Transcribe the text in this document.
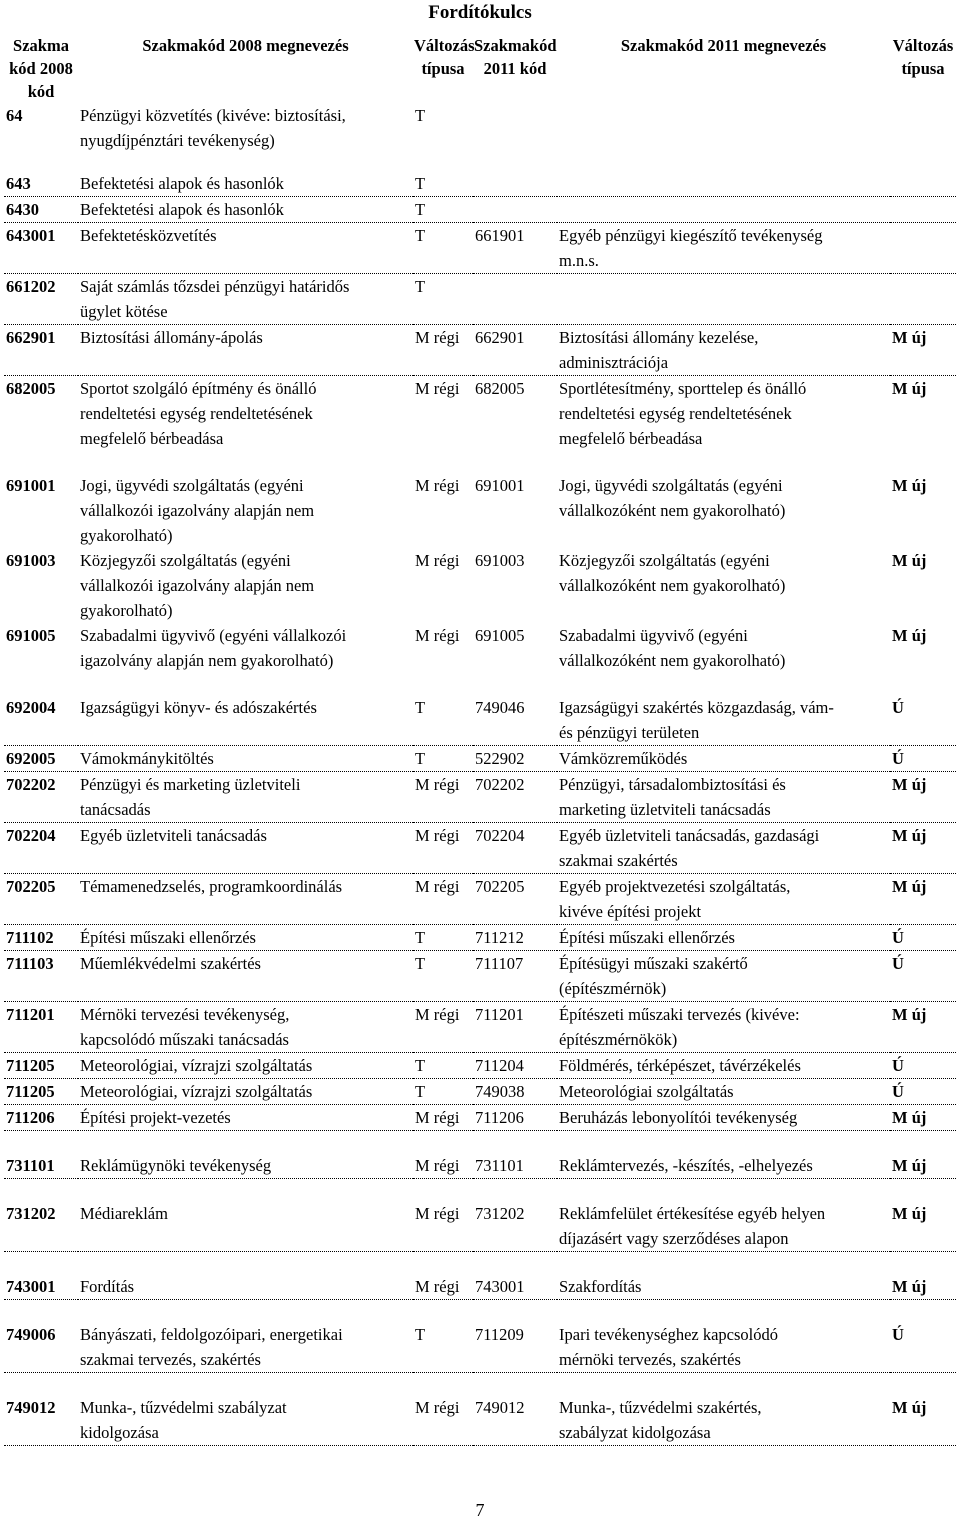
Fordítókulcs
Szakma kód 2008 kód	Szakmakód 2008 megnevezés	Változás típusa	Szakmakód 2011 kód	Szakmakód 2011 megnevezés	Változás típusa
64	Pénzügyi közvetítés (kivéve: biztosítási,
nyugdíjpénztári tevékenység)	T			

643	Befektetési alapok és hasonlók	T			

6430	Befektetési alapok és hasonlók	T			

643001	Befektetésközvetítés	T	661901	Egyéb pénzügyi kiegészítő tevékenység
m.n.s.	

661202	Saját számlás tőzsdei pénzügyi határidős
ügylet kötése	T			

662901	Biztosítási állomány-ápolás	M régi	662901	Biztosítási állomány kezelése,
adminisztrációja	M új

682005	Sportot szolgáló építmény és önálló
rendeltetési egység rendeltetésének
megfelelő bérbeadása	M régi	682005	Sportlétesítmény, sporttelep és önálló
rendeltetési egység rendeltetésének
megfelelő bérbeadása	M új

691001	Jogi, ügyvédi szolgáltatás (egyéni
vállalkozói igazolvány alapján nem
gyakorolható)	M régi	691001	Jogi, ügyvédi szolgáltatás (egyéni
vállalkozóként nem gyakorolható)	M új
691003	Közjegyzői szolgáltatás (egyéni
vállalkozói igazolvány alapján nem
gyakorolható)	M régi	691003	Közjegyzői szolgáltatás (egyéni
vállalkozóként nem gyakorolható)	M új
691005	Szabadalmi ügyvivő (egyéni vállalkozói
igazolvány alapján nem gyakorolható)	M régi	691005	Szabadalmi ügyvivő (egyéni
vállalkozóként nem gyakorolható)	M új

692004	Igazságügyi könyv- és adószakértés	T	749046	Igazságügyi szakértés közgazdaság, vám-
és pénzügyi területen	Ú

692005	Vámokmánykitöltés	T	522902	Vámközreműködés	Ú

702202	Pénzügyi és marketing üzletviteli
tanácsadás	M régi	702202	Pénzügyi, társadalombiztosítási és
marketing üzletviteli tanácsadás	M új

702204	Egyéb üzletviteli tanácsadás	M régi	702204	Egyéb üzletviteli tanácsadás, gazdasági
szakmai szakértés	M új

702205	Témamenedzselés, programkoordinálás	M régi	702205	Egyéb projektvezetési szolgáltatás,
kivéve építési projekt	M új

711102	Építési műszaki ellenőrzés	T	711212	Építési műszaki ellenőrzés	Ú

711103	Műemlékvédelmi szakértés	T	711107	Építésügyi műszaki szakértő
(építészmérnök)	Ú

711201	Mérnöki tervezési tevékenység,
kapcsolódó műszaki tanácsadás	M régi	711201	Építészeti műszaki tervezés (kivéve:
építészmérnökök)	M új

711205	Meteorológiai, vízrajzi szolgáltatás	T	711204	Földmérés, térképészet, távérzékelés	Ú

711205	Meteorológiai, vízrajzi szolgáltatás	T	749038	Meteorológiai szolgáltatás	Ú

711206	Építési projekt-vezetés	M régi	711206	Beruházás lebonyolítói tevékenység	M új

731101	Reklámügynöki tevékenység	M régi	731101	Reklámtervezés, -készítés, -elhelyezés	M új

731202	Médiareklám	M régi	731202	Reklámfelület értékesítése egyéb helyen
díjazásért vagy szerződéses alapon	M új

743001	Fordítás	M régi	743001	Szakfordítás	M új

749006	Bányászati, feldolgozóipari, energetikai
szakmai tervezés, szakértés	T	711209	Ipari tevékenységhez kapcsolódó
mérnöki tervezés, szakértés	Ú

749012	Munka-, tűzvédelmi szabályzat
kidolgozása	M régi	749012	Munka-, tűzvédelmi szakértés,
szabályzat kidolgozása	M új

7
